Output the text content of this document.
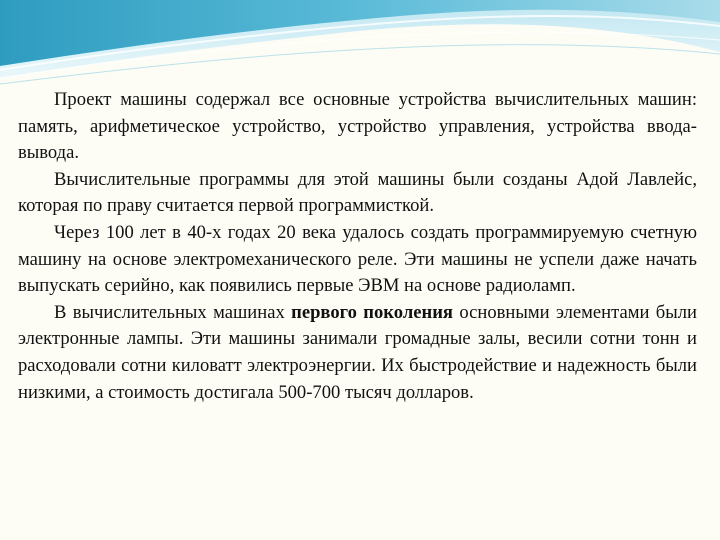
Проект машины содержал все основные устройства вычислительных машин: память, арифметическое устройство, устройство управления, устройства ввода-вывода.

Вычислительные программы для этой машины были созданы Адой Лавлейс, которая по праву считается первой программисткой.

Через 100 лет в 40-х годах 20 века удалось создать программируемую счетную машину на основе электромеханического реле. Эти машины не успели даже начать выпускать серийно, как появились первые ЭВМ на основе радиоламп.

В вычислительных машинах первого поколения основными элементами были электронные лампы. Эти машины занимали громадные залы, весили сотни тонн и расходовали сотни киловатт электроэнергии. Их быстродействие и надежность были низкими, а стоимость достигала 500-700 тысяч долларов.
